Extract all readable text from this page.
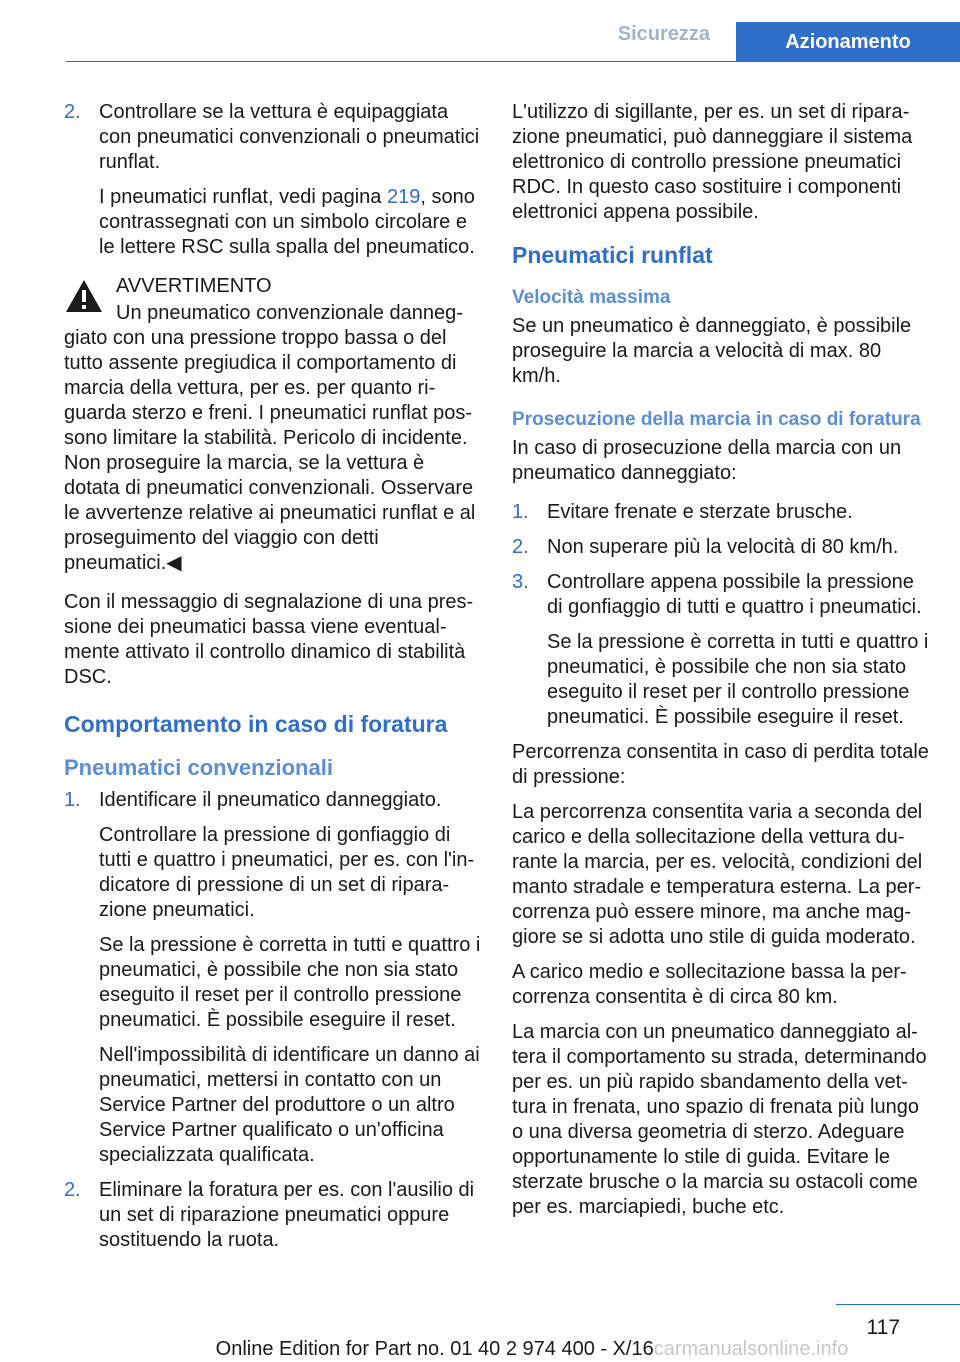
Sicurezza	Azionamento
2. Controllare se la vettura è equipaggiata con pneumatici convenzionali o pneumatici runflat.

I pneumatici runflat, vedi pagina 219, sono contrassegnati con un simbolo circolare e le lettere RSC sulla spalla del pneumatico.

AVVERTIMENTO

Un pneumatico convenzionale danneggiato con una pressione troppo bassa o del tutto assente pregiudica il comportamento di marcia della vettura, per es. per quanto riguarda sterzo e freni. I pneumatici runflat possono limitare la stabilità. Pericolo di incidente. Non proseguire la marcia, se la vettura è dotata di pneumatici convenzionali. Osservare le avvertenze relative ai pneumatici runflat e al proseguimento del viaggio con detti pneumatici.◀

Con il messaggio di segnalazione di una pressione dei pneumatici bassa viene eventualmente attivato il controllo dinamico di stabilità DSC.

Comportamento in caso di foratura
Pneumatici convenzionali
1. Identificare il pneumatico danneggiato.

Controllare la pressione di gonfiaggio di tutti e quattro i pneumatici, per es. con l'indicatore di pressione di un set di riparazione pneumatici.

Se la pressione è corretta in tutti e quattro i pneumatici, è possibile che non sia stato eseguito il reset per il controllo pressione pneumatici. È possibile eseguire il reset.

Nell'impossibilità di identificare un danno ai pneumatici, mettersi in contatto con un Service Partner del produttore o un altro Service Partner qualificato o un'officina specializzata qualificata.

2. Eliminare la foratura per es. con l'ausilio di un set di riparazione pneumatici oppure sostituendo la ruota.

L'utilizzo di sigillante, per es. un set di riparazione pneumatici, può danneggiare il sistema elettronico di controllo pressione pneumatici RDC. In questo caso sostituire i componenti elettronici appena possibile.

Pneumatici runflat
Velocità massima

Se un pneumatico è danneggiato, è possibile proseguire la marcia a velocità di max. 80 km/h.

Prosecuzione della marcia in caso di foratura

In caso di prosecuzione della marcia con un pneumatico danneggiato:

1. Evitare frenate e sterzate brusche.

2. Non superare più la velocità di 80 km/h.

3. Controllare appena possibile la pressione di gonfiaggio di tutti e quattro i pneumatici.

Se la pressione è corretta in tutti e quattro i pneumatici, è possibile che non sia stato eseguito il reset per il controllo pressione pneumatici. È possibile eseguire il reset.

Percorrenza consentita in caso di perdita totale di pressione:

La percorrenza consentita varia a seconda del carico e della sollecitazione della vettura durante la marcia, per es. velocità, condizioni del manto stradale e temperatura esterna. La percorrenza può essere minore, ma anche maggiore se si adotta uno stile di guida moderato.

A carico medio e sollecitazione bassa la percorrenza consentita è di circa 80 km.

La marcia con un pneumatico danneggiato altera il comportamento su strada, determinando per es. un più rapido sbandamento della vettura in frenata, uno spazio di frenata più lungo o una diversa geometria di sterzo. Adeguare opportunamente lo stile di guida. Evitare le sterzate brusche o la marcia su ostacoli come per es. marciapiedi, buche etc.

117
Online Edition for Part no. 01 40 2 974 400 - X/16carmanualsonline.info
